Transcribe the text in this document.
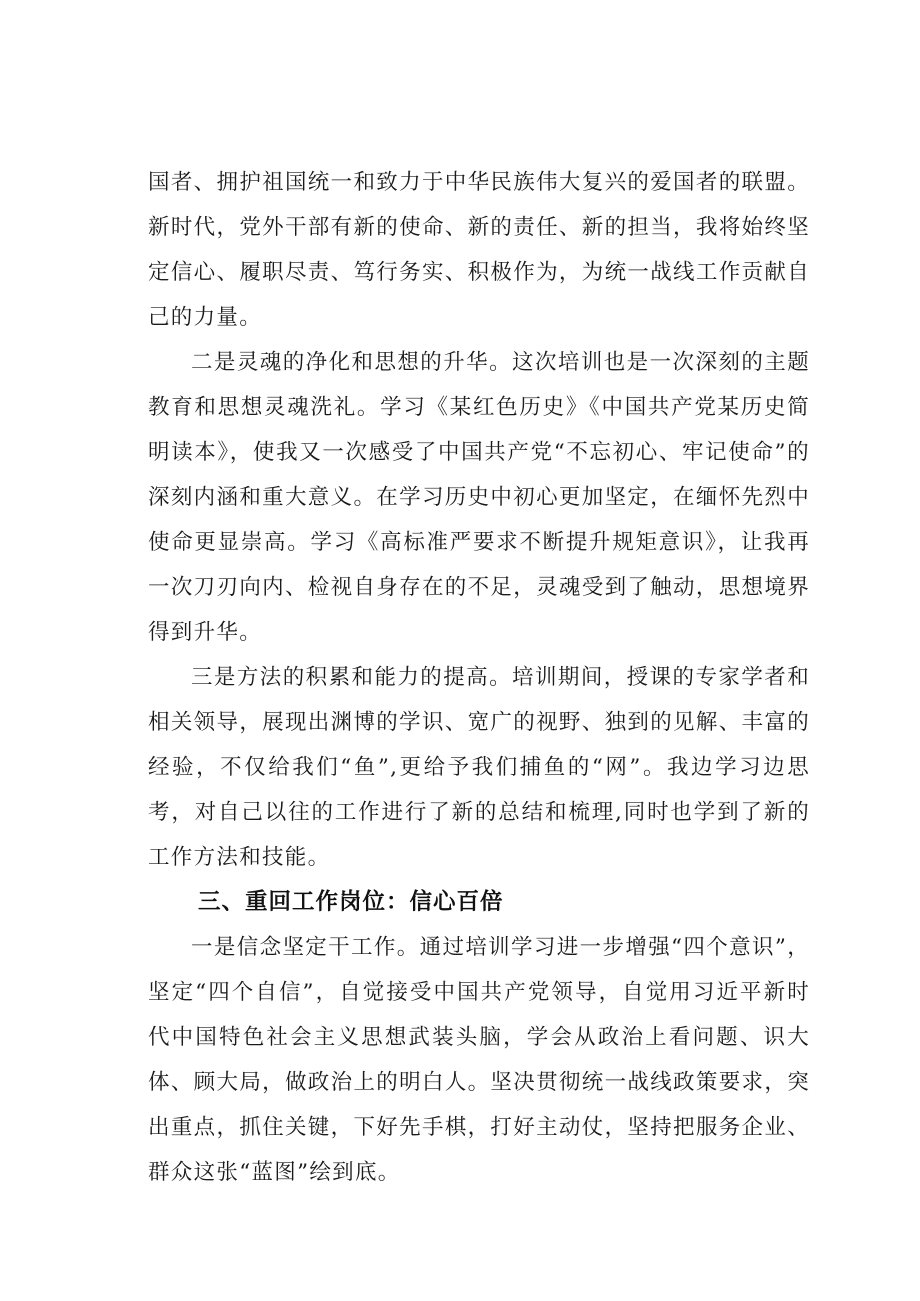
国者、拥护祖国统一和致力于中华民族伟大复兴的爱国者的联盟。新时代，党外干部有新的使命、新的责任、新的担当，我将始终坚定信心、履职尽责、笃行务实、积极作为，为统一战线工作贡献自己的力量。

二是灵魂的净化和思想的升华。这次培训也是一次深刻的主题教育和思想灵魂洗礼。学习《某红色历史》《中国共产党某历史简明读本》，使我又一次感受了中国共产党“不忘初心、牢记使命”的深刻内涵和重大意义。在学习历史中初心更加坚定，在缅怀先烈中使命更显崇高。学习《高标准严要求不断提升规矩意识》，让我再一次刀刃向内、检视自身存在的不足，灵魂受到了触动，思想境界得到升华。

三是方法的积累和能力的提高。培训期间，授课的专家学者和相关领导，展现出渊博的学识、宽广的视野、独到的见解、丰富的经验，不仅给我们“鱼”,更给予我们捕鱼的“网”。我边学习边思考，对自己以往的工作进行了新的总结和梳理,同时也学到了新的工作方法和技能。

三、重回工作岗位：信心百倍

一是信念坚定干工作。通过培训学习进一步增强“四个意识”，坚定“四个自信”，自觉接受中国共产党领导，自觉用习近平新时代中国特色社会主义思想武装头脑，学会从政治上看问题、识大体、顾大局，做政治上的明白人。坚决贯彻统一战线政策要求，突出重点，抓住关键，下好先手棋，打好主动仗，坚持把服务企业、群众这张“蓝图”绘到底。
